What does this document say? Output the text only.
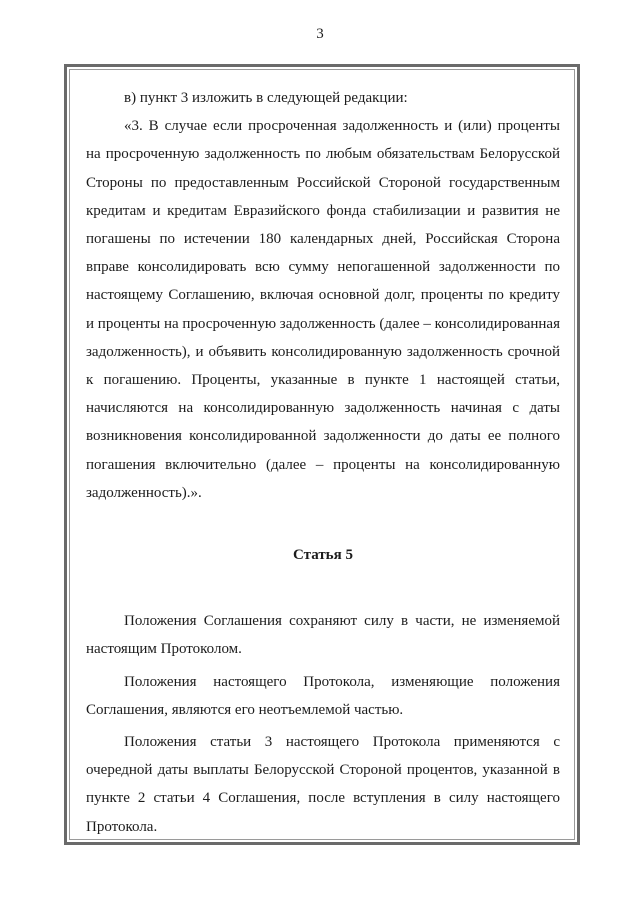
3

в) пункт 3 изложить в следующей редакции:

«3. В случае если просроченная задолженность и (или) проценты на просроченную задолженность по любым обязательствам Белорусской Стороны по предоставленным Российской Стороной государственным кредитам и кредитам Евразийского фонда стабилизации и развития не погашены по истечении 180 календарных дней, Российская Сторона вправе консолидировать всю сумму непогашенной задолженности по настоящему Соглашению, включая основной долг, проценты по кредиту и проценты на просроченную задолженность (далее – консолидированная задолженность), и объявить консолидированную задолженность срочной к погашению. Проценты, указанные в пункте 1 настоящей статьи, начисляются на консолидированную задолженность начиная с даты возникновения консолидированной задолженности до даты ее полного погашения включительно (далее – проценты на консолидированную задолженность).».

Статья 5

Положения Соглашения сохраняют силу в части, не изменяемой настоящим Протоколом.

Положения настоящего Протокола, изменяющие положения Соглашения, являются его неотъемлемой частью.

Положения статьи 3 настоящего Протокола применяются с очередной даты выплаты Белорусской Стороной процентов, указанной в пункте 2 статьи 4 Соглашения, после вступления в силу настоящего Протокола.
